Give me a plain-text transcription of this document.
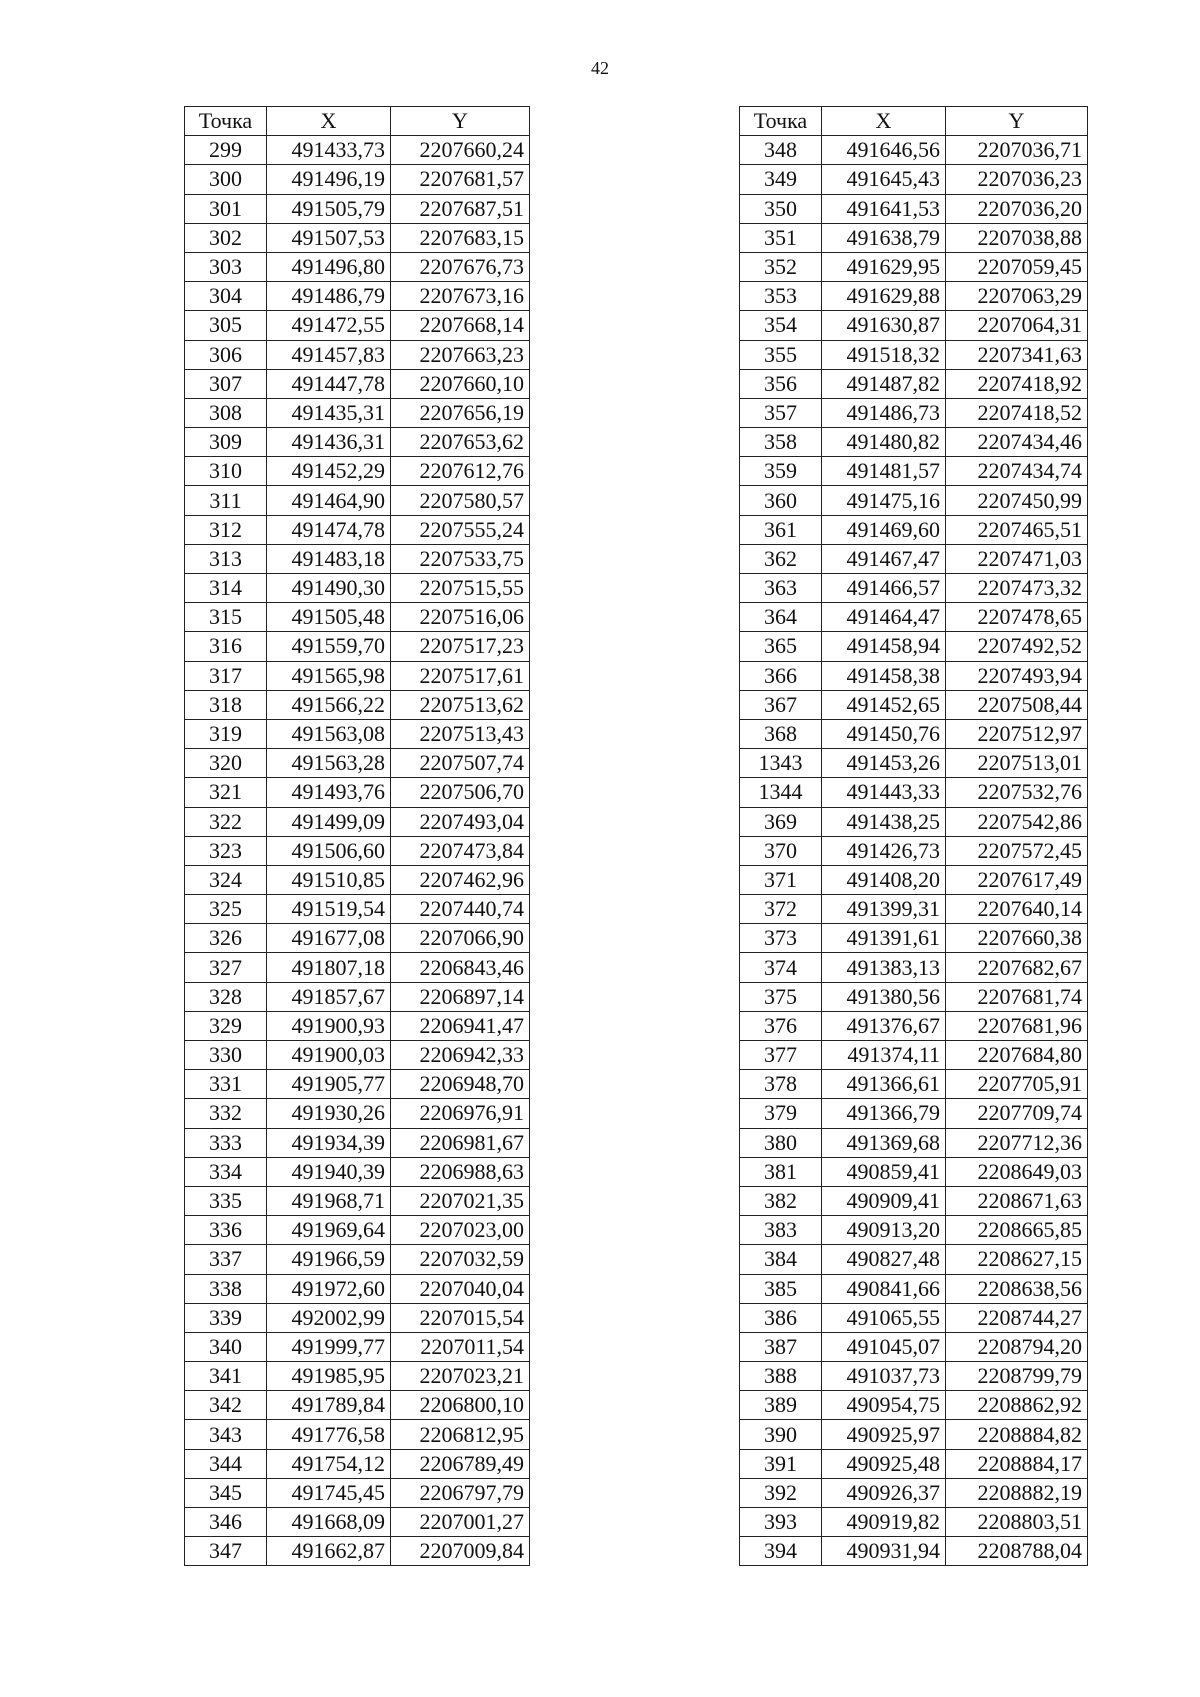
42
Точка	X	Y
299	491433,73	2207660,24
300	491496,19	2207681,57
301	491505,79	2207687,51
302	491507,53	2207683,15
303	491496,80	2207676,73
304	491486,79	2207673,16
305	491472,55	2207668,14
306	491457,83	2207663,23
307	491447,78	2207660,10
308	491435,31	2207656,19
309	491436,31	2207653,62
310	491452,29	2207612,76
311	491464,90	2207580,57
312	491474,78	2207555,24
313	491483,18	2207533,75
314	491490,30	2207515,55
315	491505,48	2207516,06
316	491559,70	2207517,23
317	491565,98	2207517,61
318	491566,22	2207513,62
319	491563,08	2207513,43
320	491563,28	2207507,74
321	491493,76	2207506,70
322	491499,09	2207493,04
323	491506,60	2207473,84
324	491510,85	2207462,96
325	491519,54	2207440,74
326	491677,08	2207066,90
327	491807,18	2206843,46
328	491857,67	2206897,14
329	491900,93	2206941,47
330	491900,03	2206942,33
331	491905,77	2206948,70
332	491930,26	2206976,91
333	491934,39	2206981,67
334	491940,39	2206988,63
335	491968,71	2207021,35
336	491969,64	2207023,00
337	491966,59	2207032,59
338	491972,60	2207040,04
339	492002,99	2207015,54
340	491999,77	2207011,54
341	491985,95	2207023,21
342	491789,84	2206800,10
343	491776,58	2206812,95
344	491754,12	2206789,49
345	491745,45	2206797,79
346	491668,09	2207001,27
347	491662,87	2207009,84
Точка	X	Y
348	491646,56	2207036,71
349	491645,43	2207036,23
350	491641,53	2207036,20
351	491638,79	2207038,88
352	491629,95	2207059,45
353	491629,88	2207063,29
354	491630,87	2207064,31
355	491518,32	2207341,63
356	491487,82	2207418,92
357	491486,73	2207418,52
358	491480,82	2207434,46
359	491481,57	2207434,74
360	491475,16	2207450,99
361	491469,60	2207465,51
362	491467,47	2207471,03
363	491466,57	2207473,32
364	491464,47	2207478,65
365	491458,94	2207492,52
366	491458,38	2207493,94
367	491452,65	2207508,44
368	491450,76	2207512,97
1343	491453,26	2207513,01
1344	491443,33	2207532,76
369	491438,25	2207542,86
370	491426,73	2207572,45
371	491408,20	2207617,49
372	491399,31	2207640,14
373	491391,61	2207660,38
374	491383,13	2207682,67
375	491380,56	2207681,74
376	491376,67	2207681,96
377	491374,11	2207684,80
378	491366,61	2207705,91
379	491366,79	2207709,74
380	491369,68	2207712,36
381	490859,41	2208649,03
382	490909,41	2208671,63
383	490913,20	2208665,85
384	490827,48	2208627,15
385	490841,66	2208638,56
386	491065,55	2208744,27
387	491045,07	2208794,20
388	491037,73	2208799,79
389	490954,75	2208862,92
390	490925,97	2208884,82
391	490925,48	2208884,17
392	490926,37	2208882,19
393	490919,82	2208803,51
394	490931,94	2208788,04
